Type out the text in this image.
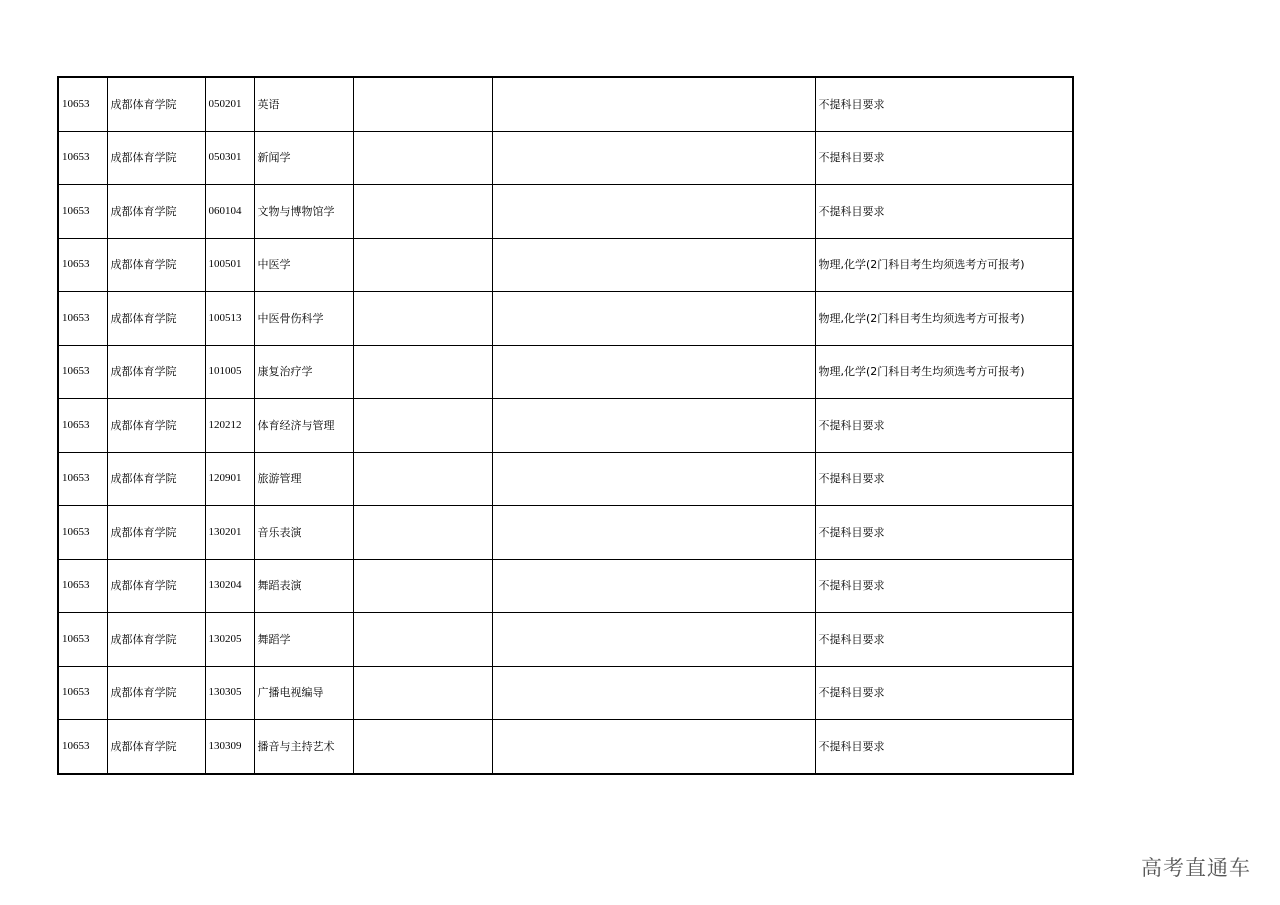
10653	成都体育学院	050201	英语			不提科目要求
10653	成都体育学院	050301	新闻学			不提科目要求
10653	成都体育学院	060104	文物与博物馆学			不提科目要求
10653	成都体育学院	100501	中医学			物理,化学(2门科目考生均须选考方可报考)
10653	成都体育学院	100513	中医骨伤科学			物理,化学(2门科目考生均须选考方可报考)
10653	成都体育学院	101005	康复治疗学			物理,化学(2门科目考生均须选考方可报考)
10653	成都体育学院	120212	体育经济与管理			不提科目要求
10653	成都体育学院	120901	旅游管理			不提科目要求
10653	成都体育学院	130201	音乐表演			不提科目要求
10653	成都体育学院	130204	舞蹈表演			不提科目要求
10653	成都体育学院	130205	舞蹈学			不提科目要求
10653	成都体育学院	130305	广播电视编导			不提科目要求
10653	成都体育学院	130309	播音与主持艺术			不提科目要求
高考直通车
